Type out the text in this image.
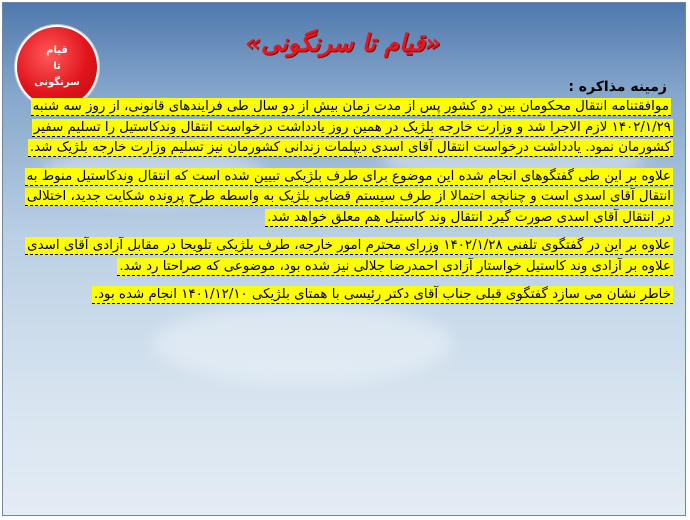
قیام
تا
سرنگونی
«قیام تا سرنگونی»
زمینه مذاکره :

موافقتنامه انتقال محکومان بین دو کشور پس از مدت زمان بیش از دو سال طی فرایندهای قانونی، از روز سه شنبه ۱۴۰۲/۱/۲۹ لازم الاجرا شد و وزارت خارجه بلژیک در همین روز یادداشت درخواست انتقال وندکاستیل را تسلیم سفیر کشورمان نمود. یادداشت درخواست انتقال آقای اسدی دیپلمات زندانی کشورمان نیز تسلیم وزارت خارجه بلژیک شد.

علاوه بر این طی گفتگوهای انجام شده این موضوع برای طرف بلژیکی تبیین شده است که انتقال وندکاستیل منوط به انتقال آقای اسدی است و چنانچه احتمالا از طرف سیستم قضایی بلژیک به واسطه طرح پرونده شکایت جدید، اختلالی در انتقال آقای اسدی صورت گیرد انتقال وند کاستیل هم معلق خواهد شد.

علاوه بر این در گفتگوی تلفنی ۱۴۰۲/۱/۲۸ وزرای محترم امور خارجه، طرف بلژیکی تلویحا در مقابل آزادی آقای اسدی علاوه بر آزادی وند کاستیل خواستار آزادی احمدرضا جلالی نیز شده بود، موضوعی که صراحتا رد شد.

خاطر نشان می سازد گفتگوی قبلی جناب آقای دکتر رئیسی با همتای بلژیکی ۱۴۰۱/۱۲/۱۰ انجام شده بود.
